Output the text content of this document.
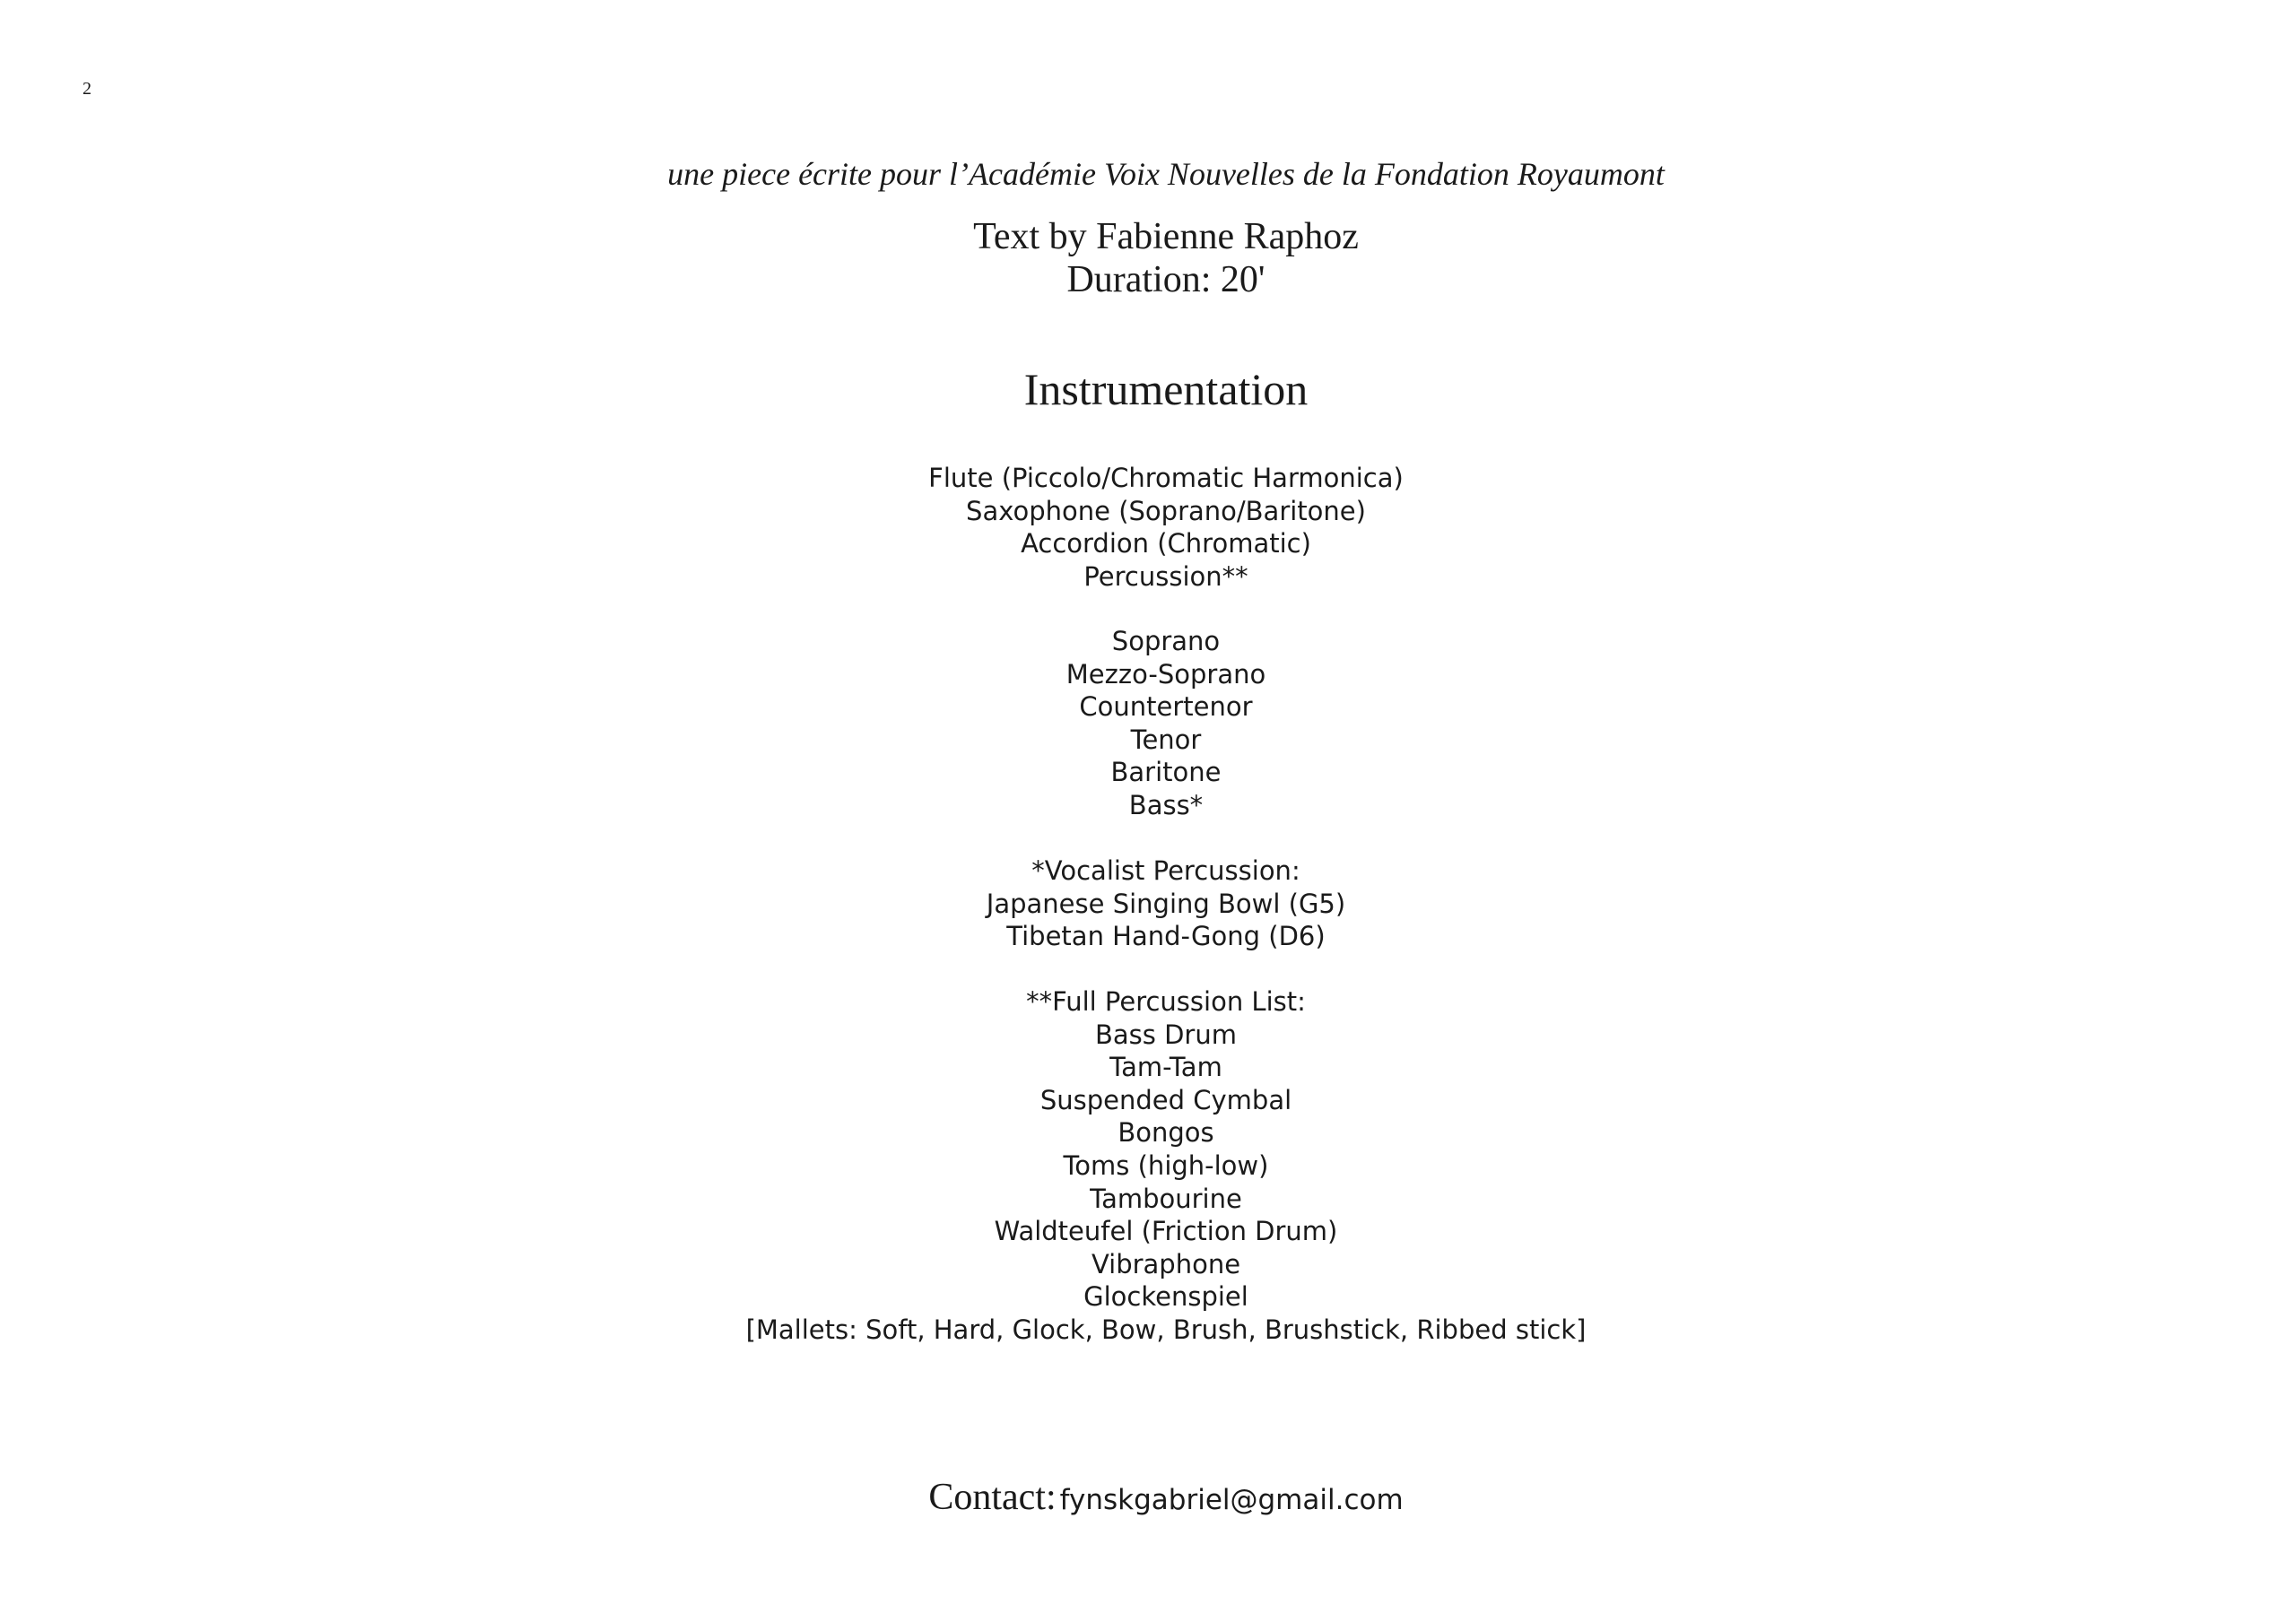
2
une piece écrite pour l’Académie Voix Nouvelles de la Fondation Royaumont
Text by Fabienne Raphoz
Duration: 20'
Instrumentation
Flute (Piccolo/Chromatic Harmonica)
Saxophone (Soprano/Baritone)
Accordion (Chromatic)
Percussion**
Soprano
Mezzo-Soprano
Countertenor
Tenor
Baritone
Bass*
*Vocalist Percussion:
Japanese Singing Bowl (G5)
Tibetan Hand-Gong (D6)
**Full Percussion List:
Bass Drum
Tam-Tam
Suspended Cymbal
Bongos
Toms (high-low)
Tambourine
Waldteufel (Friction Drum)
Vibraphone
Glockenspiel
[Mallets: Soft, Hard, Glock, Bow, Brush, Brushstick, Ribbed stick]
Contact: fynskgabriel@gmail.com
